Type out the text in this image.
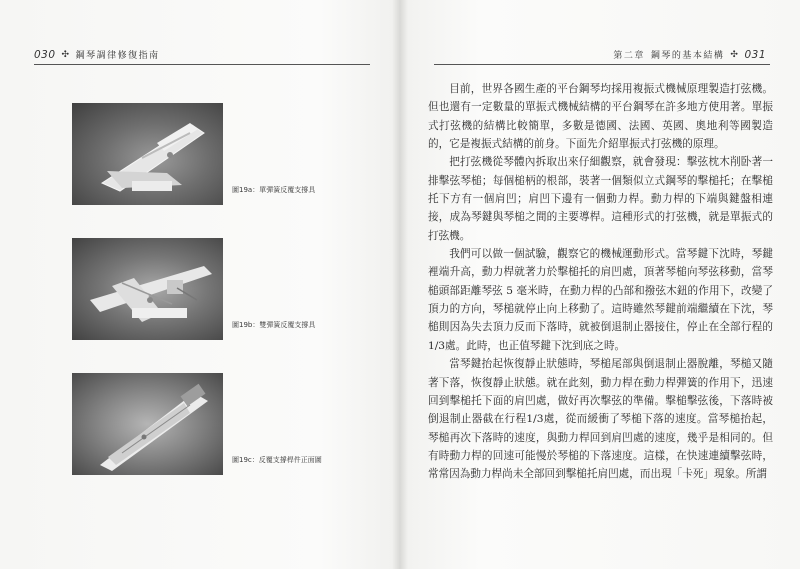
030 ✣ 鋼琴調律修復指南
圖19a：單彈簧反覆支撐具
圖19b：雙彈簧反覆支撐具
圖19c：反覆支撐桿件正面圖
第二章 鋼琴的基本結構 ✣ 031

目前，世界各國生產的平台鋼琴均採用複振式機械原理製造打弦機。但也還有一定數量的單振式機械結構的平台鋼琴在許多地方使用著。單振式打弦機的結構比較簡單，多數是德國、法國、英國、奧地利等國製造的，它是複振式結構的前身。下面先介紹單振式打弦機的原理。

把打弦機從琴體內拆取出來仔細觀察，就會發現：擊弦枕木削卧著一排擊弦琴槌；每個槌柄的根部，裝著一個類似立式鋼琴的擊槌托；在擊槌托下方有一個肩凹；肩凹下邊有一個動力桿。動力桿的下端與鍵盤相連接，成為琴鍵與琴槌之間的主要導桿。這種形式的打弦機，就是單振式的打弦機。

我們可以做一個試驗，觀察它的機械運動形式。當琴鍵下沈時，琴鍵裡端升高，動力桿就著力於擊槌托的肩凹處，頂著琴槌向琴弦移動，當琴槌頭部距離琴弦 5 毫米時，在動力桿的凸部和撥弦木鈕的作用下，改變了頂力的方向，琴槌就停止向上移動了。這時雖然琴鍵前端繼續在下沈，琴槌則因為失去頂力反而下落時，就被倒退制止器接住，停止在全部行程的1/3處。此時，也正值琴鍵下沈到底之時。

當琴鍵抬起恢復靜止狀態時，琴槌尾部與倒退制止器脫離，琴槌又隨著下落，恢復靜止狀態。就在此刻，動力桿在動力桿彈簧的作用下，迅速回到擊槌托下面的肩凹處，做好再次擊弦的準備。擊槌擊弦後，下落時被倒退制止器截在行程1/3處，從而緩衝了琴槌下落的速度。當琴槌抬起，琴槌再次下落時的速度，與動力桿回到肩凹處的速度，幾乎是相同的。但有時動力桿的回速可能慢於琴槌的下落速度。這樣，在快速連續擊弦時，常常因為動力桿尚未全部回到擊槌托肩凹處，而出現「卡死」現象。所謂
